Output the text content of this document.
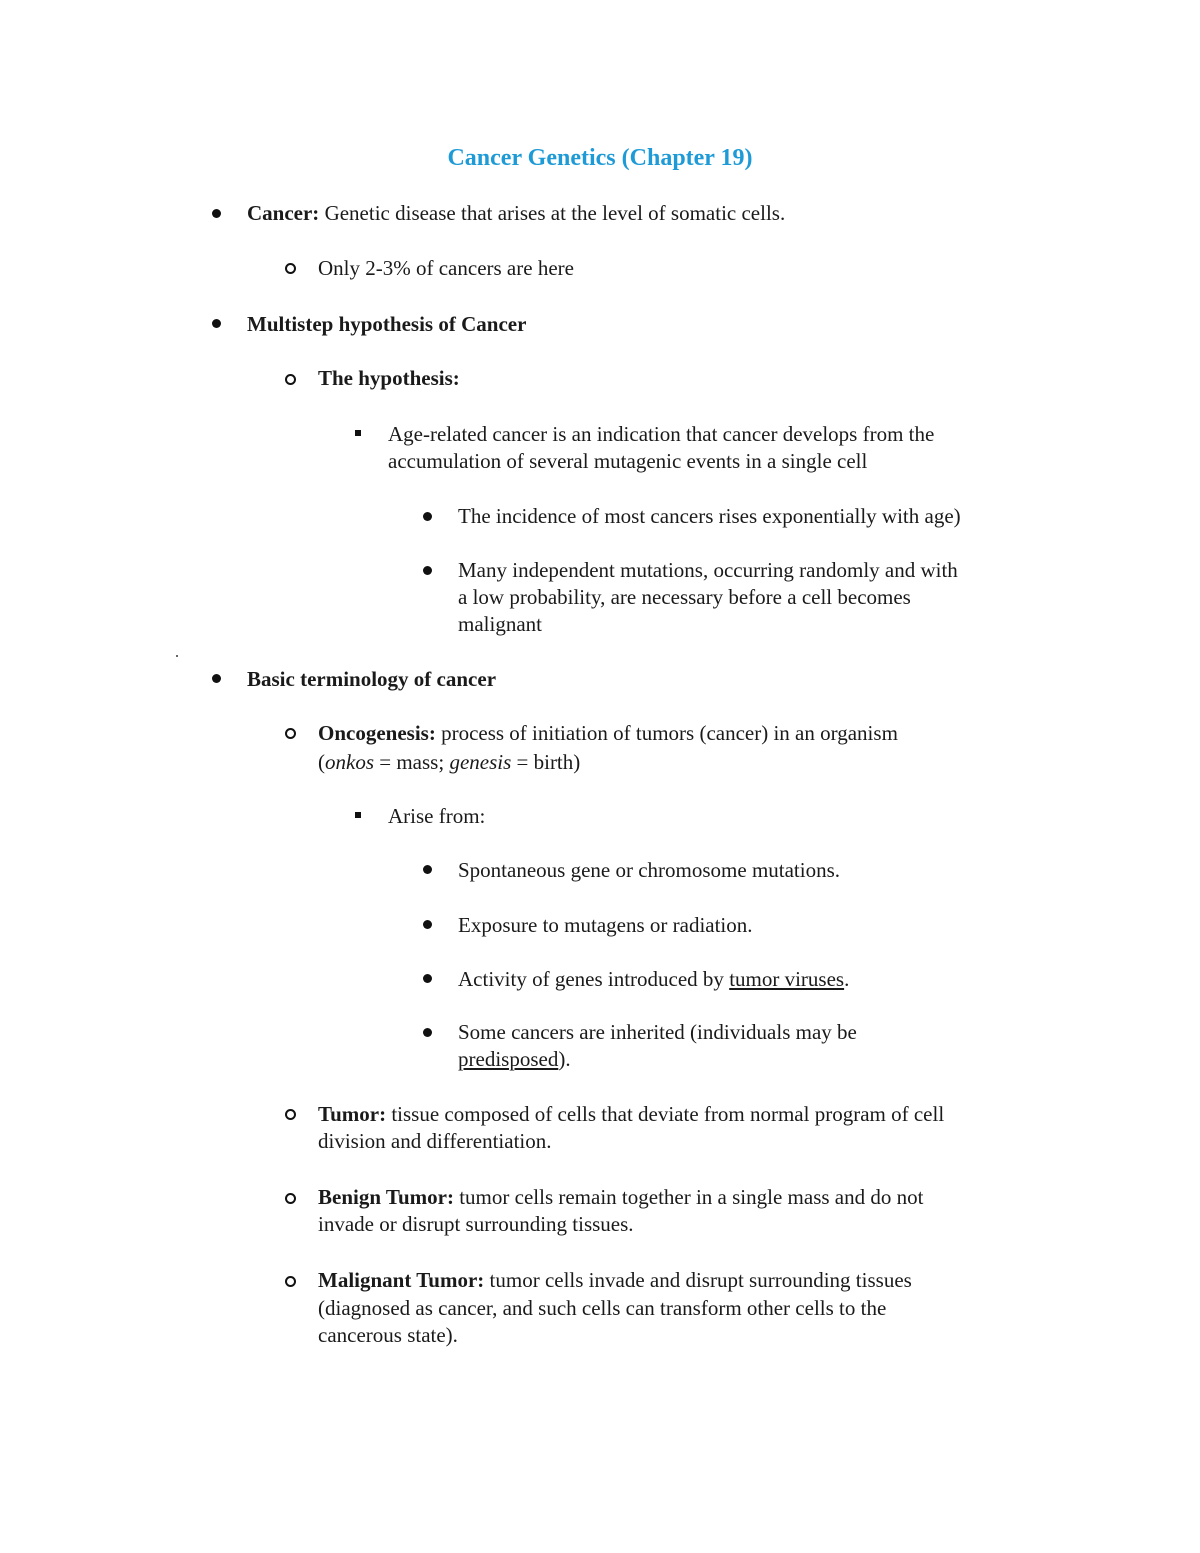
Cancer Genetics (Chapter 19)
Cancer: Genetic disease that arises at the level of somatic cells.
Only 2-3% of cancers are here
Multistep hypothesis of Cancer
The hypothesis:
Age-related cancer is an indication that cancer develops from the
accumulation of several mutagenic events in a single cell
The incidence of most cancers rises exponentially with age)
Many independent mutations, occurring randomly and with
a low probability, are necessary before a cell becomes
malignant
Basic terminology of cancer
Oncogenesis: process of initiation of tumors (cancer) in an organism
(onkos = mass; genesis = birth)
Arise from:
Spontaneous gene or chromosome mutations.
Exposure to mutagens or radiation.
Activity of genes introduced by tumor viruses.
Some cancers are inherited (individuals may be
predisposed).
Tumor: tissue composed of cells that deviate from normal program of cell
division and differentiation.
Benign Tumor: tumor cells remain together in a single mass and do not
invade or disrupt surrounding tissues.
Malignant Tumor: tumor cells invade and disrupt surrounding tissues
(diagnosed as cancer, and such cells can transform other cells to the
cancerous state).
